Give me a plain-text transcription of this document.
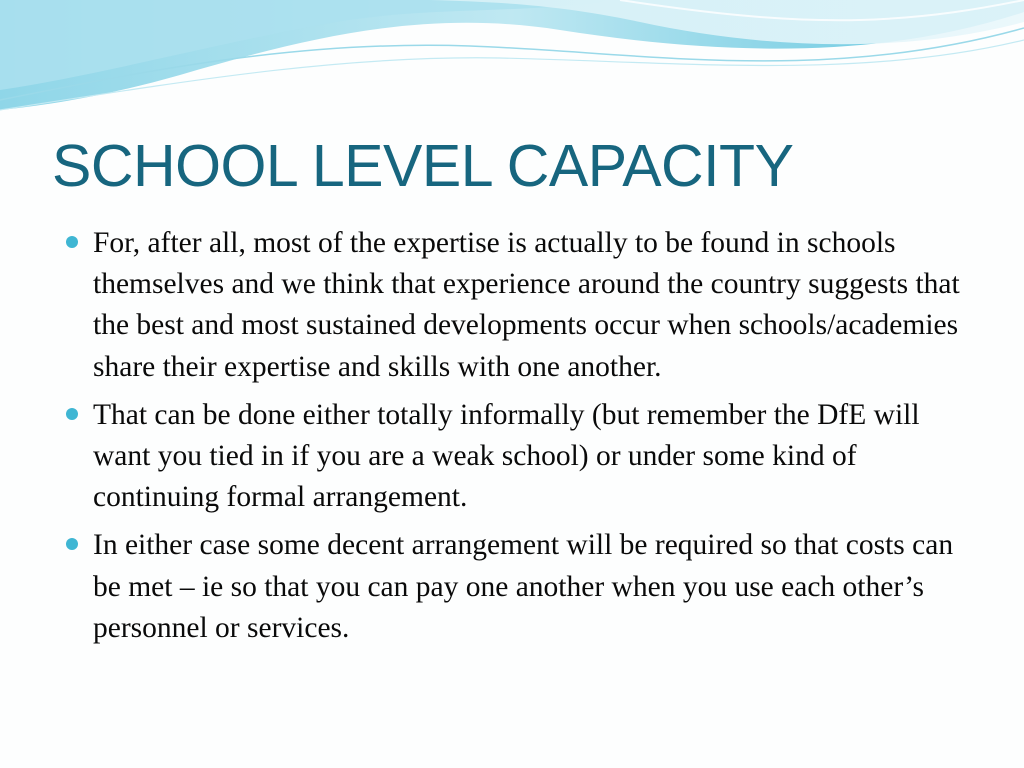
SCHOOL LEVEL CAPACITY
For, after all, most of the expertise is actually to be found in schools themselves and we think that experience around the country suggests that the best and most sustained developments occur when schools/academies share their expertise and skills with one another.
That can be done either totally informally (but remember the DfE will want you tied in if you are a weak school) or under some kind of continuing formal arrangement.
In either case some decent arrangement will be required so that costs can be met – ie so that you can pay one another when you use each other’s personnel or services.
